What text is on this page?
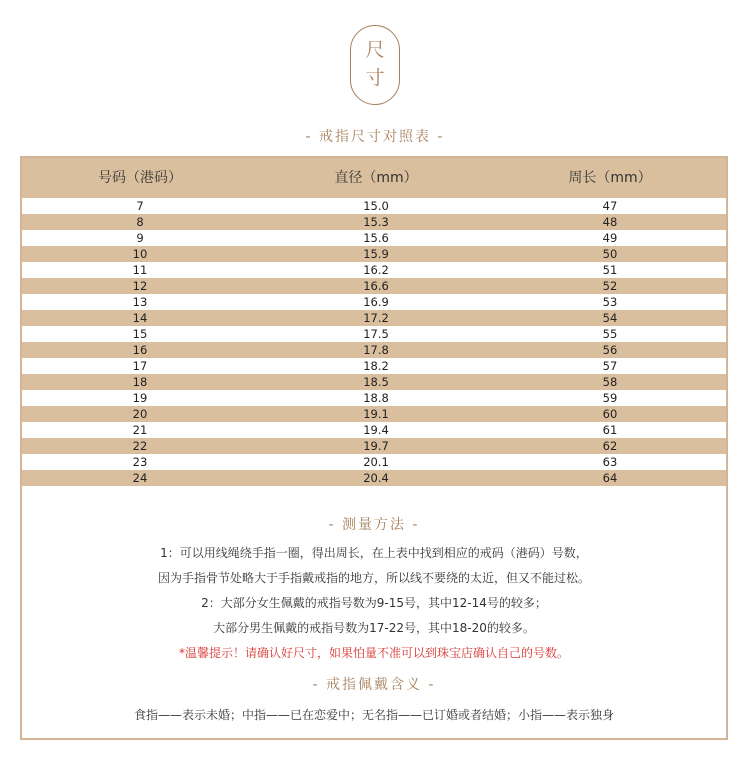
尺
寸
- 戒指尺寸对照表 -
号码（港码）	直径（mm）	周长（mm）
7	15.0	47
8	15.3	48
9	15.6	49
10	15.9	50
11	16.2	51
12	16.6	52
13	16.9	53
14	17.2	54
15	17.5	55
16	17.8	56
17	18.2	57
18	18.5	58
19	18.8	59
20	19.1	60
21	19.4	61
22	19.7	62
23	20.1	63
24	20.4	64
- 测量方法 -
1：可以用线绳绕手指一圈，得出周长，在上表中找到相应的戒码（港码）号数，
因为手指骨节处略大于手指戴戒指的地方，所以线不要绕的太近，但又不能过松。
2：大部分女生佩戴的戒指号数为9-15号，其中12-14号的较多；
大部分男生佩戴的戒指号数为17-22号，其中18-20的较多。
*温馨提示！请确认好尺寸，如果怕量不准可以到珠宝店确认自己的号数。
- 戒指佩戴含义 -
食指——表示未婚；中指——已在恋爱中；无名指——已订婚或者结婚；小指——表示独身
